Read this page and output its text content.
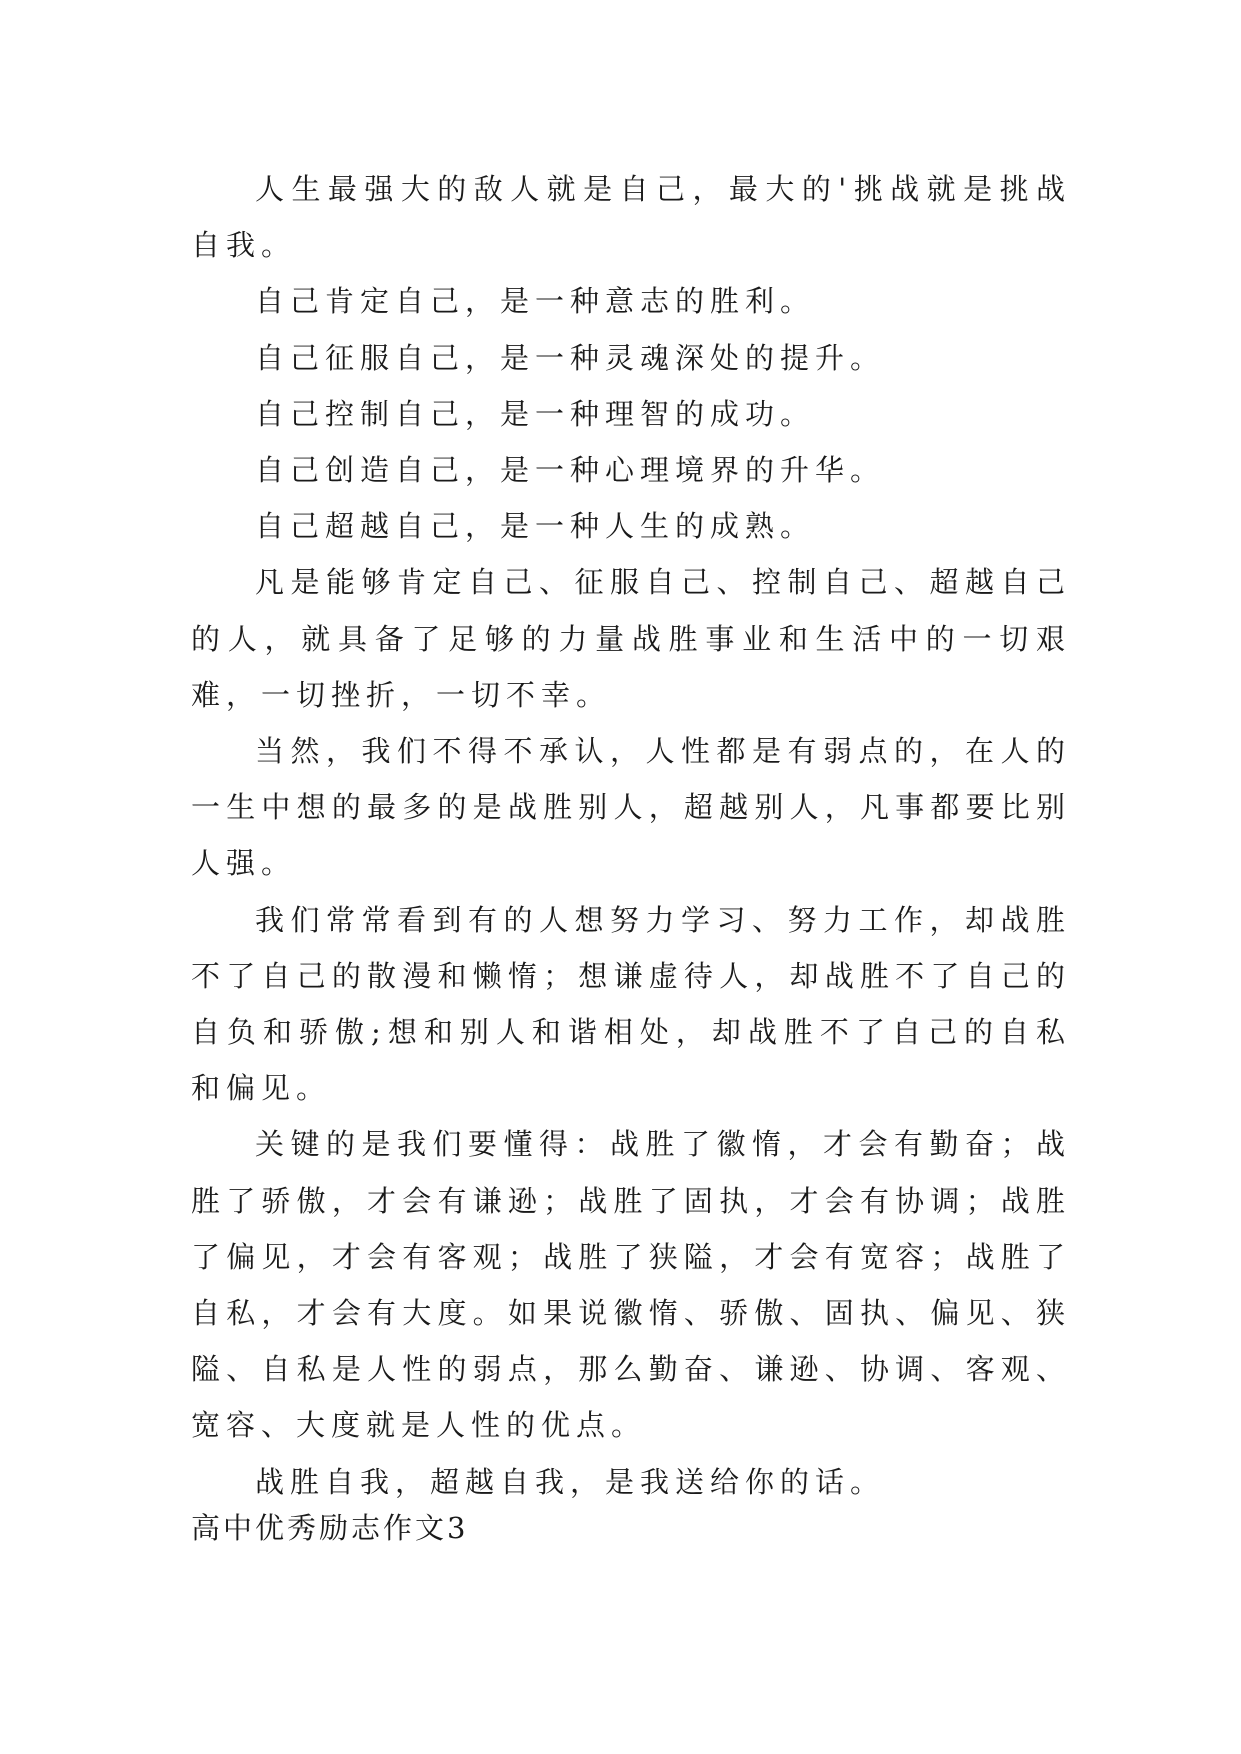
人生最强大的敌人就是自己，最大的'挑战就是挑战自我。

自己肯定自己，是一种意志的胜利。

自己征服自己，是一种灵魂深处的提升。

自己控制自己，是一种理智的成功。

自己创造自己，是一种心理境界的升华。

自己超越自己，是一种人生的成熟。

凡是能够肯定自己、征服自己、控制自己、超越自己的人，就具备了足够的力量战胜事业和生活中的一切艰难，一切挫折，一切不幸。

当然，我们不得不承认，人性都是有弱点的，在人的一生中想的最多的是战胜别人，超越别人，凡事都要比别人强。

我们常常看到有的人想努力学习、努力工作，却战胜不了自己的散漫和懒惰；想谦虚待人，却战胜不了自己的自负和骄傲;想和别人和谐相处，却战胜不了自己的自私和偏见。

关键的是我们要懂得：战胜了徽惰，才会有勤奋；战胜了骄傲，才会有谦逊；战胜了固执，才会有协调；战胜了偏见，才会有客观；战胜了狭隘，才会有宽容；战胜了自私，才会有大度。如果说徽惰、骄傲、固执、偏见、狭隘、自私是人性的弱点，那么勤奋、谦逊、协调、客观、宽容、大度就是人性的优点。

战胜自我，超越自我，是我送给你的话。

高中优秀励志作文3
